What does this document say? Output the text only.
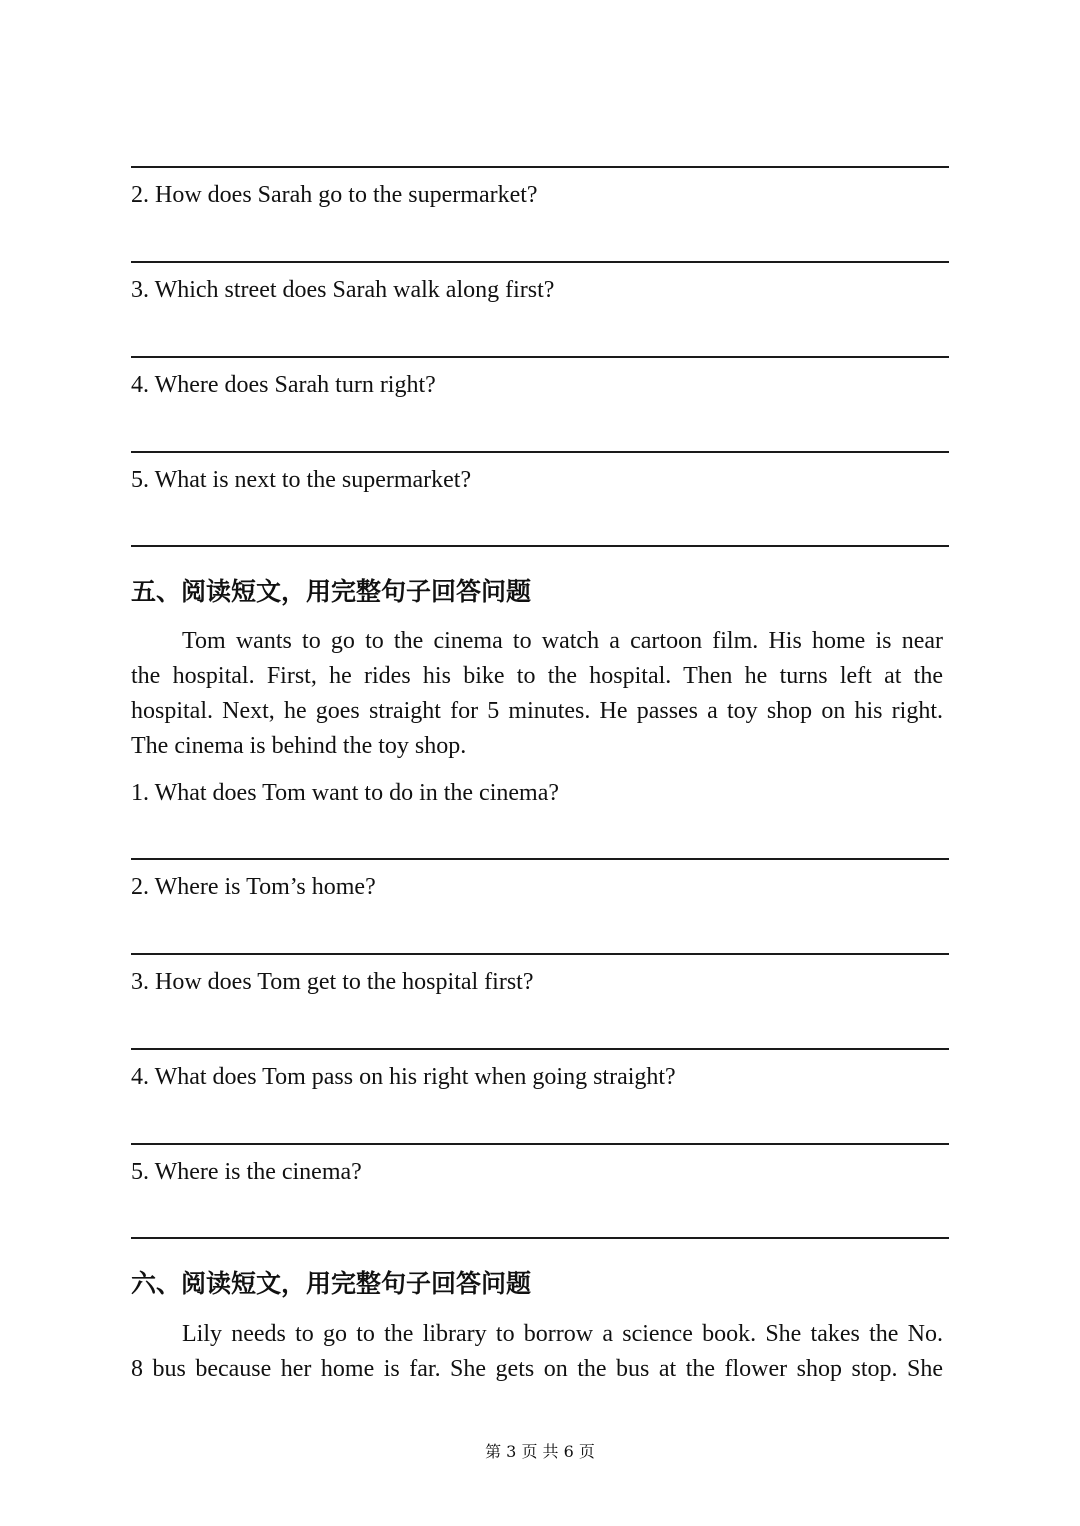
2. How does Sarah go to the supermarket?
3. Which street does Sarah walk along first?
4. Where does Sarah turn right?
5. What is next to the supermarket?
五、阅读短文，用完整句子回答问题
Tom wants to go to the cinema to watch a cartoon film. His home is near
the hospital. First, he rides his bike to the hospital. Then he turns left at the
hospital. Next, he goes straight for 5 minutes. He passes a toy shop on his right.
The cinema is behind the toy shop.
1. What does Tom want to do in the cinema?
2. Where is Tom’s home?
3. How does Tom get to the hospital first?
4. What does Tom pass on his right when going straight?
5. Where is the cinema?
六、阅读短文，用完整句子回答问题
Lily needs to go to the library to borrow a science book. She takes the No.
8 bus because her home is far. She gets on the bus at the flower shop stop. She
第 3 页 共 6 页
